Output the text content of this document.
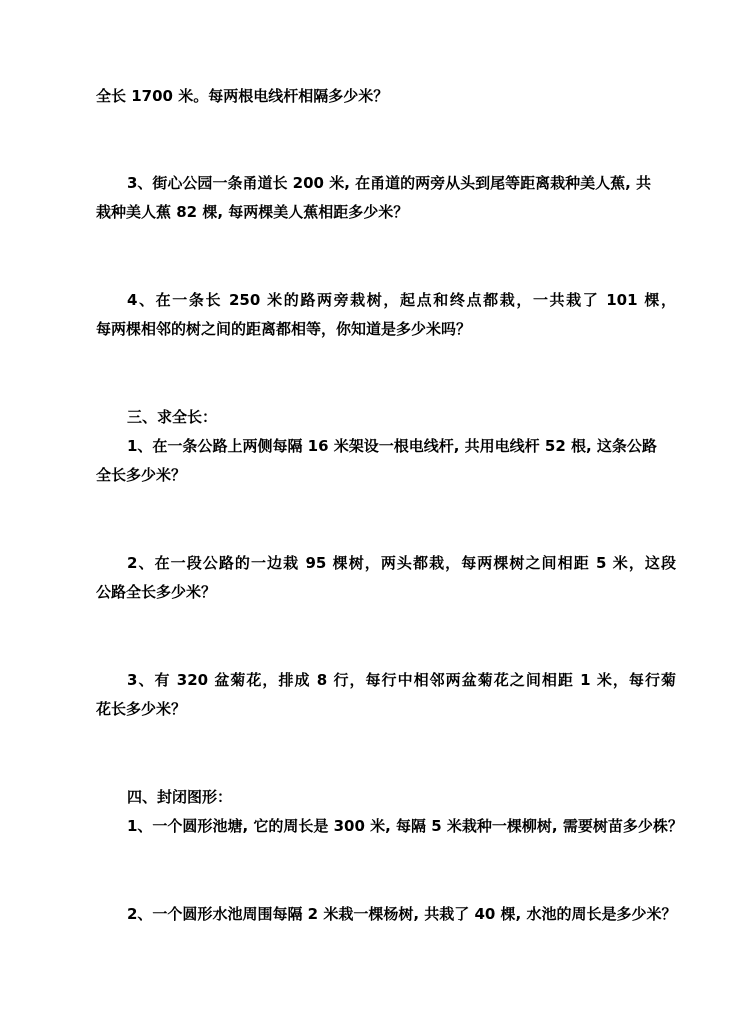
全长 1700 米。每两根电线杆相隔多少米？
3、街心公园一条甬道长 200 米, 在甬道的两旁从头到尾等距离栽种美人蕉, 共
栽种美人蕉 82 棵, 每两棵美人蕉相距多少米？
4、在一条长 250 米的路两旁栽树，起点和终点都栽，一共栽了 101 棵，
每两棵相邻的树之间的距离都相等，你知道是多少米吗？
三、求全长：
1、在一条公路上两侧每隔 16 米架设一根电线杆, 共用电线杆 52 根, 这条公路
全长多少米？
2、在一段公路的一边栽 95 棵树，两头都栽，每两棵树之间相距 5 米，这段
公路全长多少米？
3、有 320 盆菊花，排成 8 行，每行中相邻两盆菊花之间相距 1 米，每行菊
花长多少米？
四、封闭图形：
1、一个圆形池塘, 它的周长是 300 米, 每隔 5 米栽种一棵柳树, 需要树苗多少株？
2、一个圆形水池周围每隔 2 米栽一棵杨树, 共栽了 40 棵, 水池的周长是多少米？
